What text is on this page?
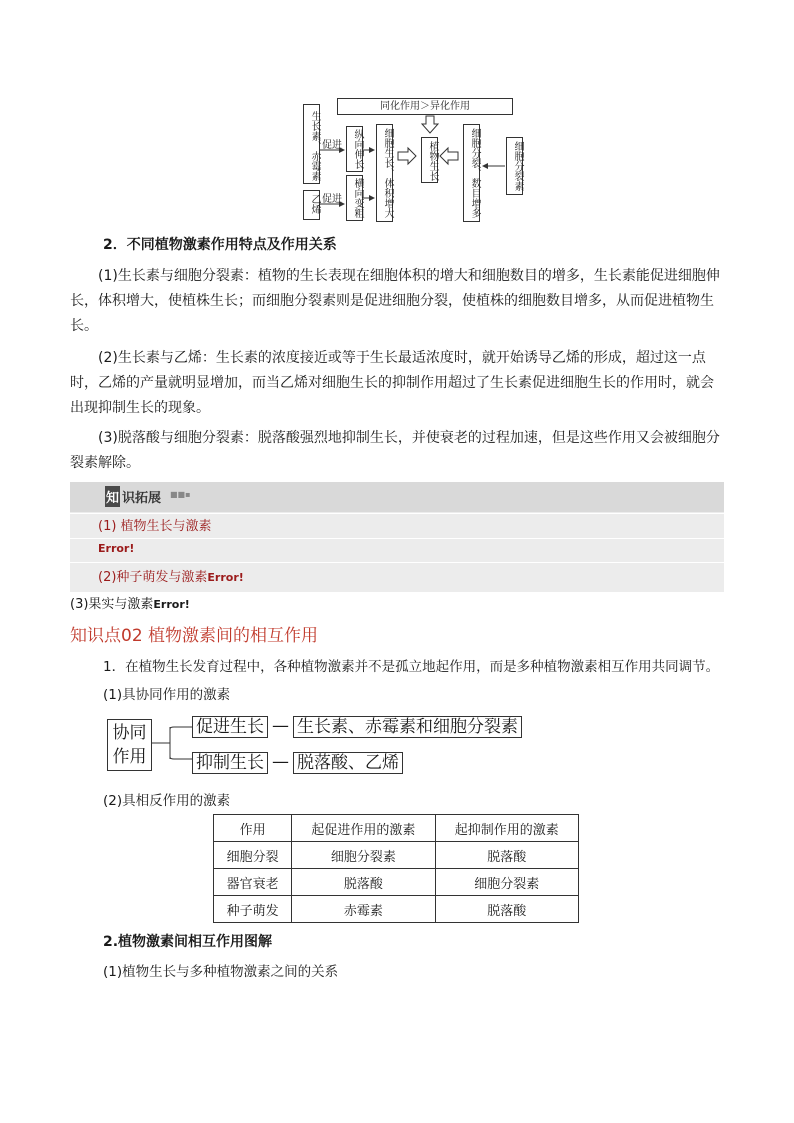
同化作用＞异化作用
生长素、赤霉素
乙烯
促进
促进
纵向伸长
横向变粗	细胞生长、体积增大	植物生长	细胞分裂、数目增多	细胞分裂素
2．不同植物激素作用特点及作用关系
(1)生长素与细胞分裂素：植物的生长表现在细胞体积的增大和细胞数目的增多，生长素能促进细胞伸长，体积增大，使植株生长；而细胞分裂素则是促进细胞分裂，使植株的细胞数目增多，从而促进植物生长。
(2)生长素与乙烯：生长素的浓度接近或等于生长最适浓度时，就开始诱导乙烯的形成，超过这一点时，乙烯的产量就明显增加，而当乙烯对细胞生长的抑制作用超过了生长素促进细胞生长的作用时，就会出现抑制生长的现象。
(3)脱落酸与细胞分裂素：脱落酸强烈地抑制生长，并使衰老的过程加速，但是这些作用又会被细胞分裂素解除。
知 识拓展 ■■▪
(1) 植物生长与激素
Error!
(2)种子萌发与激素Error!
(3)果实与激素Error!
知识点02 植物激素间的相互作用
1．在植物生长发育过程中，各种植物激素并不是孤立地起作用，而是多种植物激素相互作用共同调节。
(1)具协同作用的激素
协同
作用
促进生长 — 生长素、赤霉素和细胞分裂素
抑制生长 — 脱落酸、乙烯
(2)具相反作用的激素
作用	起促进作用的激素	起抑制作用的激素
细胞分裂	细胞分裂素	脱落酸
器官衰老	脱落酸	细胞分裂素
种子萌发	赤霉素	脱落酸
2.植物激素间相互作用图解
(1)植物生长与多种植物激素之间的关系
